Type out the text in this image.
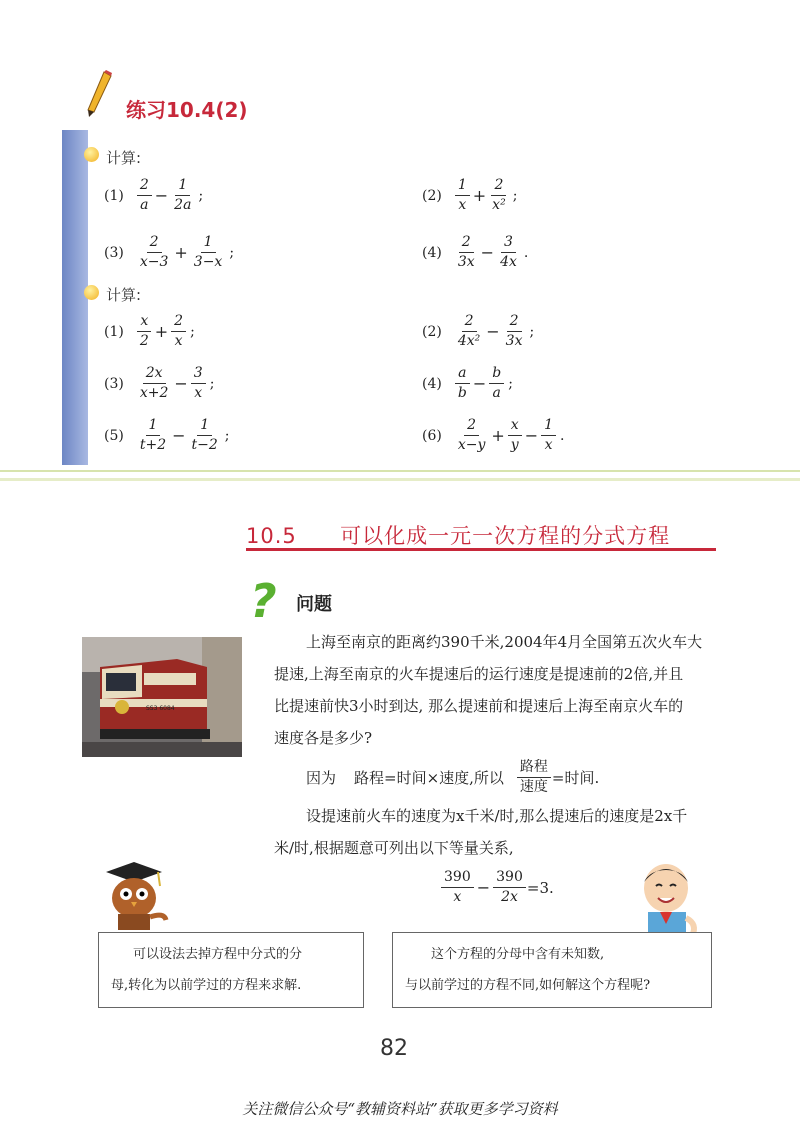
练习10.4(2)
计算:
$(1) \frac{2}{a} - \frac{1}{2a}$ ;	$(2) \frac{1}{x} + \frac{2}{\text{x²}}$ ;
$(3) \frac{2}{x-3} + \frac{1}{3-x}$ ;	$(4) \frac{2}{3x} - \frac{3}{4x}$ .
计算:
$(1) \frac{x}{2} + \frac{2}{x}$ ;	$(2) \frac{2}{\text{4x²}} - \frac{2}{3x}$ ;
$(3) \frac{2x}{x+2} - \frac{3}{x}$ ;	$(4) \frac{a}{b} - \frac{b}{a}$ ;
$(5) \frac{1}{t+2} - \frac{1}{t-2}$ ;	$(6) \frac{2}{x-y} + \frac{x}{y} - \frac{1}{x}$ .
10.5 可以化成一元一次方程的分式方程
? 问题
SS3 6084
上海至南京的距离约390千米,2004年4月全国第五次火车大
提速,上海至南京的火车提速后的运行速度是提速前的2倍,并且
比提速前快3小时到达, 那么提速前和提速后上海至南京火车的
速度各是多少?
因为 路程=时间×速度,所以 $\frac{\text{路程}}{\text{速度}}$ =时间.
设提速前火车的速度为x千米/时,那么提速后的速度是2x千
米/时,根据题意可列出以下等量关系,
$\frac{390}{x} - \frac{390}{2x} =3$.
可以设法去掉方程中分式的分
母,转化为以前学过的方程来求解.
这个方程的分母中含有未知数,
与以前学过的方程不同,如何解这个方程呢?
82
关注微信公众号“教辅资料站”获取更多学习资料
